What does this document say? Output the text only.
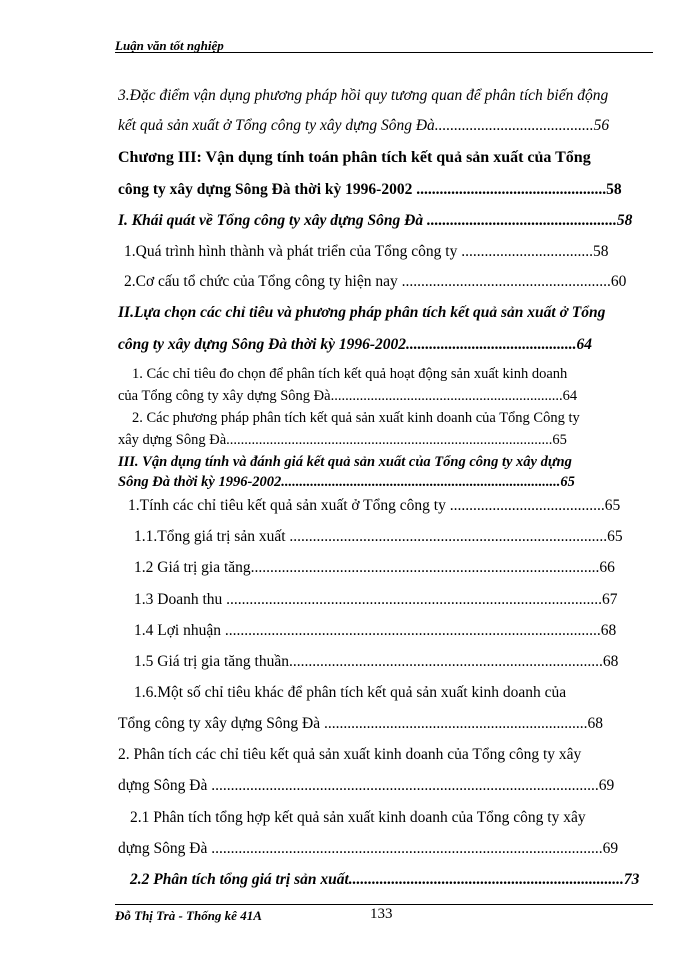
Luận văn tốt nghiệp
3.Đặc điểm vận dụng phương pháp hồi quy tương quan để phân tích biến động
kết quả sản xuất ở Tổng công ty xây dựng Sông Đà.........................................56
Chương III: Vận dụng tính toán phân tích kết quả sản xuất của Tổng
công ty xây dựng Sông Đà thời kỳ 1996-2002 .................................................58
I. Khái quát về Tổng công ty xây dựng Sông Đà .................................................58
1.Quá trình hình thành và phát triển của Tổng công ty ..................................58
2.Cơ cấu tổ chức của Tổng công ty hiện nay ......................................................60
II.Lựa chọn các chỉ tiêu và phương pháp phân tích kết quả sản xuất ở Tổng
công ty xây dựng Sông Đà thời kỳ 1996-2002............................................64
1. Các chỉ tiêu đo chọn để phân tích kết quả hoạt động sản xuất kinh doanh
của Tổng công ty xây dựng Sông Đà................................................................64
2. Các phương pháp phân tích kết quả sản xuất kinh doanh của Tổng Công ty
xây dựng Sông Đà..........................................................................................65
III. Vận dụng tính và đánh giá kết quả sản xuất của Tổng công ty xây dựng
Sông Đà thời kỳ 1996-2002.............................................................................65
1.Tính các chỉ tiêu kết quả sản xuất ở Tổng công ty ........................................65
1.1.Tổng giá trị sản xuất ..................................................................................65
1.2 Giá trị gia tăng..........................................................................................66
1.3 Doanh thu .................................................................................................67
1.4 Lợi nhuận .................................................................................................68
1.5 Giá trị gia tăng thuần.................................................................................68
1.6.Một số chỉ tiêu khác để phân tích kết quả sản xuất kinh doanh của
Tổng công ty xây dựng Sông Đà ....................................................................68
2. Phân tích các chỉ tiêu kết quả sản xuất kinh doanh của Tổng công ty xây
dựng Sông Đà ....................................................................................................69
2.1 Phân tích tổng hợp kết quả sản xuất kinh doanh của Tổng công ty xây
dựng Sông Đà .....................................................................................................69
2.2 Phân tích tổng giá trị sản xuất.......................................................................73
Đỗ Thị Trà - Thống kê 41A	133
